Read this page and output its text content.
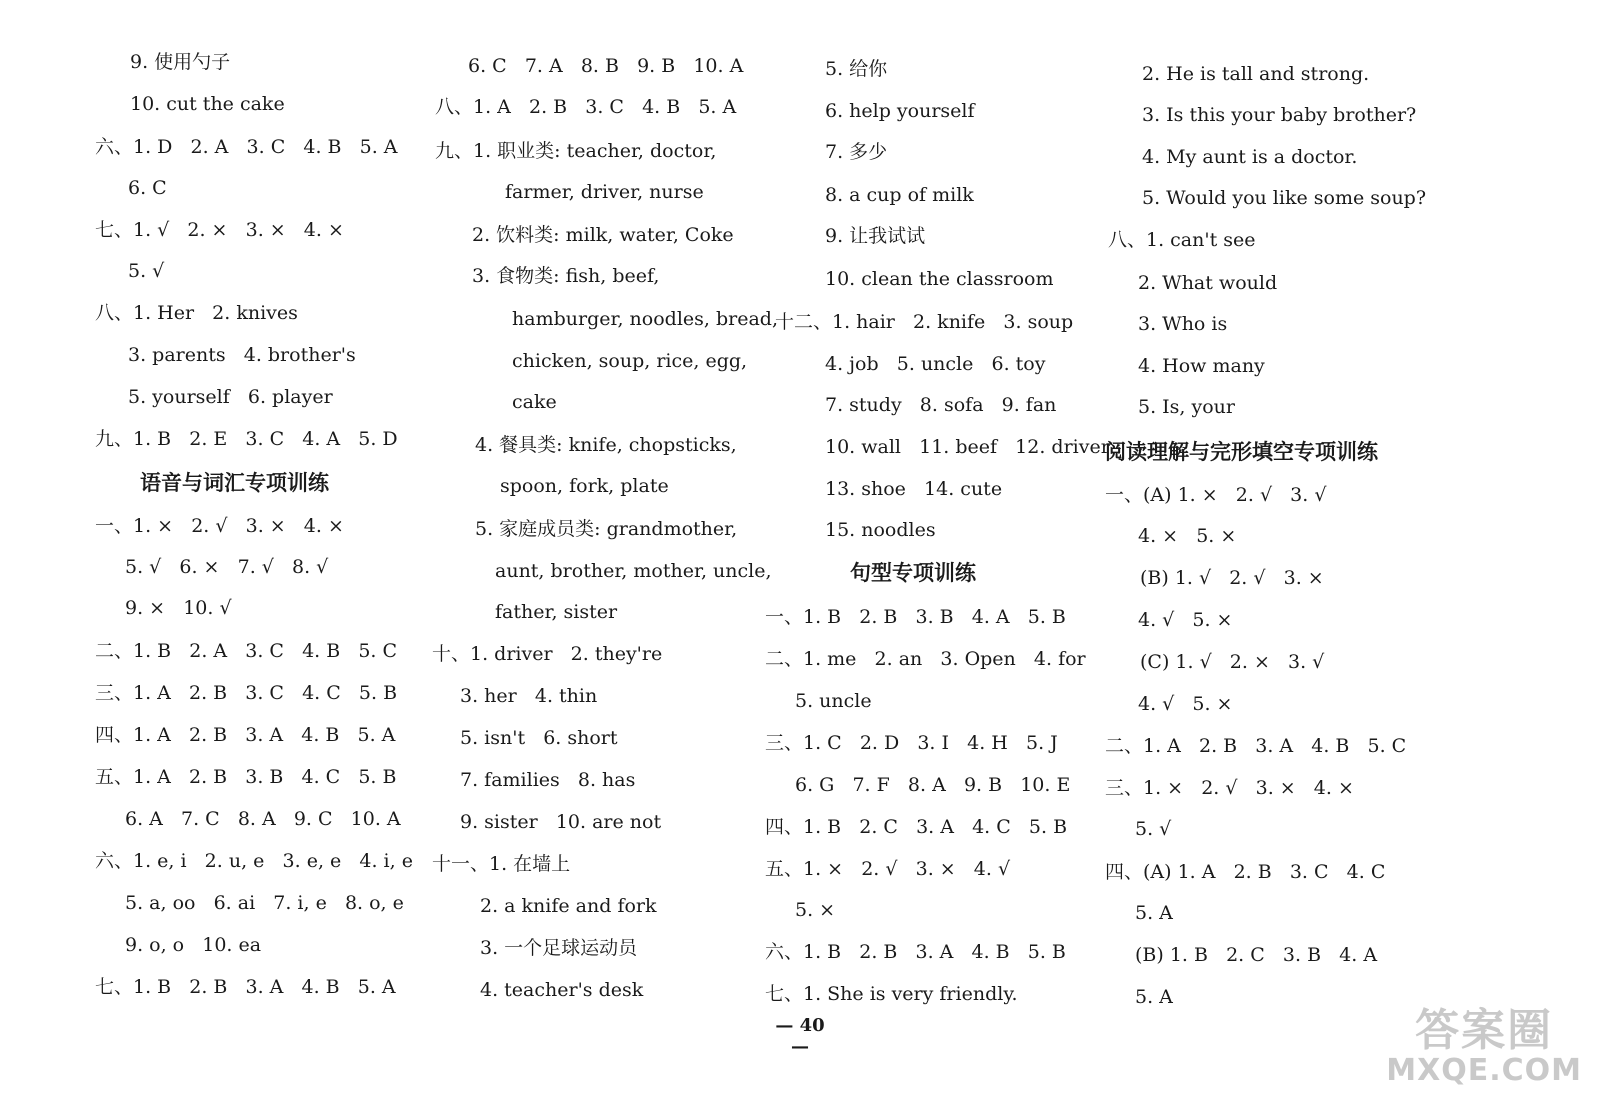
9. 使用勺子
10. cut the cake
六、1. D   2. A   3. C   4. B   5. A
6. C
七、1. √   2. ×   3. ×   4. ×
5. √
八、1. Her   2. knives
3. parents   4. brother's
5. yourself   6. player
九、1. B   2. E   3. C   4. A   5. D
语音与词汇专项训练
一、1. ×   2. √   3. ×   4. ×
5. √   6. ×   7. √   8. √
9. ×   10. √
二、1. B   2. A   3. C   4. B   5. C
三、1. A   2. B   3. C   4. C   5. B
四、1. A   2. B   3. A   4. B   5. A
五、1. A   2. B   3. B   4. C   5. B
6. A   7. C   8. A   9. C   10. A
六、1. e, i   2. u, e   3. e, e   4. i, e
5. a, oo   6. ai   7. i, e   8. o, e
9. o, o   10. ea
七、1. B   2. B   3. A   4. B   5. A
6. C   7. A   8. B   9. B   10. A
八、1. A   2. B   3. C   4. B   5. A
九、1. 职业类: teacher, doctor,
farmer, driver, nurse
2. 饮料类: milk, water, Coke
3. 食物类: fish, beef,
hamburger, noodles, bread,
chicken, soup, rice, egg,
cake
4. 餐具类: knife, chopsticks,
spoon, fork, plate
5. 家庭成员类: grandmother,
aunt, brother, mother, uncle,
father, sister
十、1. driver   2. they're
3. her   4. thin
5. isn't   6. short
7. families   8. has
9. sister   10. are not
十一、1. 在墙上
2. a knife and fork
3. 一个足球运动员
4. teacher's desk
5. 给你
6. help yourself
7. 多少
8. a cup of milk
9. 让我试试
10. clean the classroom
十二、1. hair   2. knife   3. soup
4. job   5. uncle   6. toy
7. study   8. sofa   9. fan
10. wall   11. beef   12. driver
13. shoe   14. cute
15. noodles
句型专项训练
一、1. B   2. B   3. B   4. A   5. B
二、1. me   2. an   3. Open   4. for
5. uncle
三、1. C   2. D   3. I   4. H   5. J
6. G   7. F   8. A   9. B   10. E
四、1. B   2. C   3. A   4. C   5. B
五、1. ×   2. √   3. ×   4. √
5. ×
六、1. B   2. B   3. A   4. B   5. B
七、1. She is very friendly.
2. He is tall and strong.
3. Is this your baby brother?
4. My aunt is a doctor.
5. Would you like some soup?
八、1. can't see
2. What would
3. Who is
4. How many
5. Is, your
阅读理解与完形填空专项训练
一、(A) 1. ×   2. √   3. √
4. ×   5. ×
(B) 1. √   2. √   3. ×
4. √   5. ×
(C) 1. √   2. ×   3. √
4. √   5. ×
二、1. A   2. B   3. A   4. B   5. C
三、1. ×   2. √   3. ×   4. ×
5. √
四、(A) 1. A   2. B   3. C   4. C
5. A
(B) 1. B   2. C   3. B   4. A
5. A
— 40 —	答案圈
MXQE.COM
